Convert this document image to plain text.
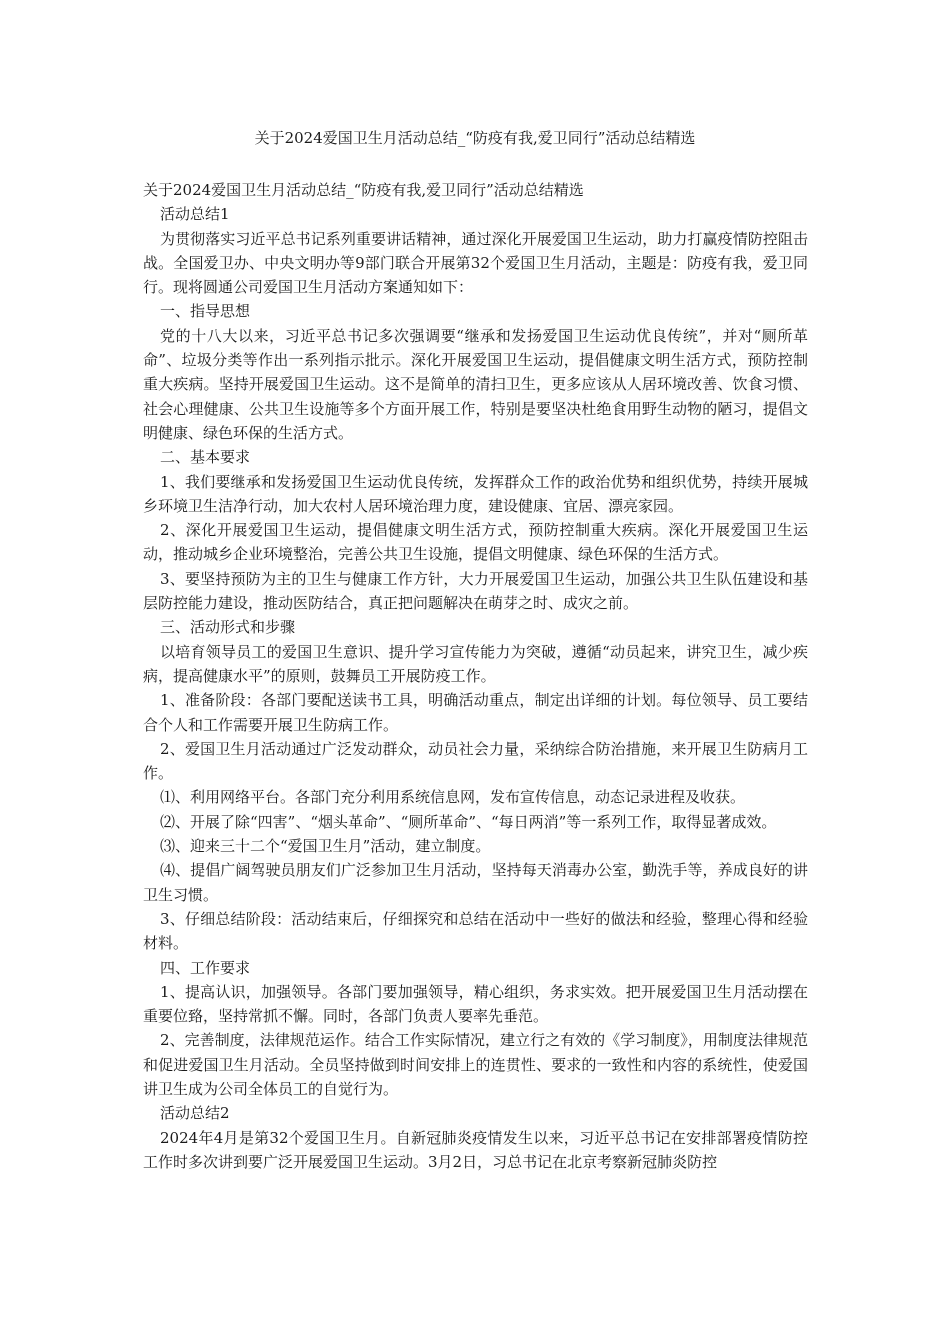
关于2024爱国卫生月活动总结_“防疫有我,爱卫同行”活动总结精选

关于2024爱国卫生月活动总结_“防疫有我,爱卫同行”活动总结精选

活动总结1

为贯彻落实习近平总书记系列重要讲话精神，通过深化开展爱国卫生运动，助力打赢疫情防控阻击战。全国爱卫办、中央文明办等9部门联合开展第32个爱国卫生月活动，主题是：防疫有我，爱卫同行。现将圆通公司爱国卫生月活动方案通知如下：

一、指导思想

党的十八大以来，习近平总书记多次强调要“继承和发扬爱国卫生运动优良传统”，并对“厕所革命”、垃圾分类等作出一系列指示批示。深化开展爱国卫生运动，提倡健康文明生活方式，预防控制重大疾病。坚持开展爱国卫生运动。这不是简单的清扫卫生，更多应该从人居环境改善、饮食习惯、社会心理健康、公共卫生设施等多个方面开展工作，特别是要坚决杜绝食用野生动物的陋习，提倡文明健康、绿色环保的生活方式。

二、基本要求

1、我们要继承和发扬爱国卫生运动优良传统，发挥群众工作的政治优势和组织优势，持续开展城乡环境卫生洁净行动，加大农村人居环境治理力度，建设健康、宜居、漂亮家园。

2、深化开展爱国卫生运动，提倡健康文明生活方式，预防控制重大疾病。深化开展爱国卫生运动，推动城乡企业环境整治，完善公共卫生设施，提倡文明健康、绿色环保的生活方式。

3、要坚持预防为主的卫生与健康工作方针，大力开展爱国卫生运动，加强公共卫生队伍建设和基层防控能力建设，推动医防结合，真正把问题解决在萌芽之时、成灾之前。

三、活动形式和步骤

以培育领导员工的爱国卫生意识、提升学习宣传能力为突破，遵循“动员起来，讲究卫生，减少疾病，提高健康水平”的原则，鼓舞员工开展防疫工作。

1、准备阶段：各部门要配送读书工具，明确活动重点，制定出详细的计划。每位领导、员工要结合个人和工作需要开展卫生防病工作。

2、爱国卫生月活动通过广泛发动群众，动员社会力量，采纳综合防治措施，来开展卫生防病月工作。

⑴、利用网络平台。各部门充分利用系统信息网，发布宣传信息，动态记录进程及收获。

⑵、开展了除“四害”、“烟头革命”、“厕所革命”、“每日两消”等一系列工作，取得显著成效。

⑶、迎来三十二个“爱国卫生月”活动，建立制度。

⑷、提倡广阔驾驶员朋友们广泛参加卫生月活动，坚持每天消毒办公室，勤洗手等，养成良好的讲卫生习惯。

3、仔细总结阶段：活动结束后，仔细探究和总结在活动中一些好的做法和经验，整理心得和经验材料。

四、工作要求

1、提高认识，加强领导。各部门要加强领导，精心组织，务求实效。把开展爱国卫生月活动摆在重要位臵，坚持常抓不懈。同时，各部门负责人要率先垂范。

2、完善制度，法律规范运作。结合工作实际情况，建立行之有效的《学习制度》，用制度法律规范和促进爱国卫生月活动。全员坚持做到时间安排上的连贯性、要求的一致性和内容的系统性，使爱国讲卫生成为公司全体员工的自觉行为。

活动总结2

2024年4月是第32个爱国卫生月。自新冠肺炎疫情发生以来，习近平总书记在安排部署疫情防控工作时多次讲到要广泛开展爱国卫生运动。3月2日，习总书记在北京考察新冠肺炎防控
